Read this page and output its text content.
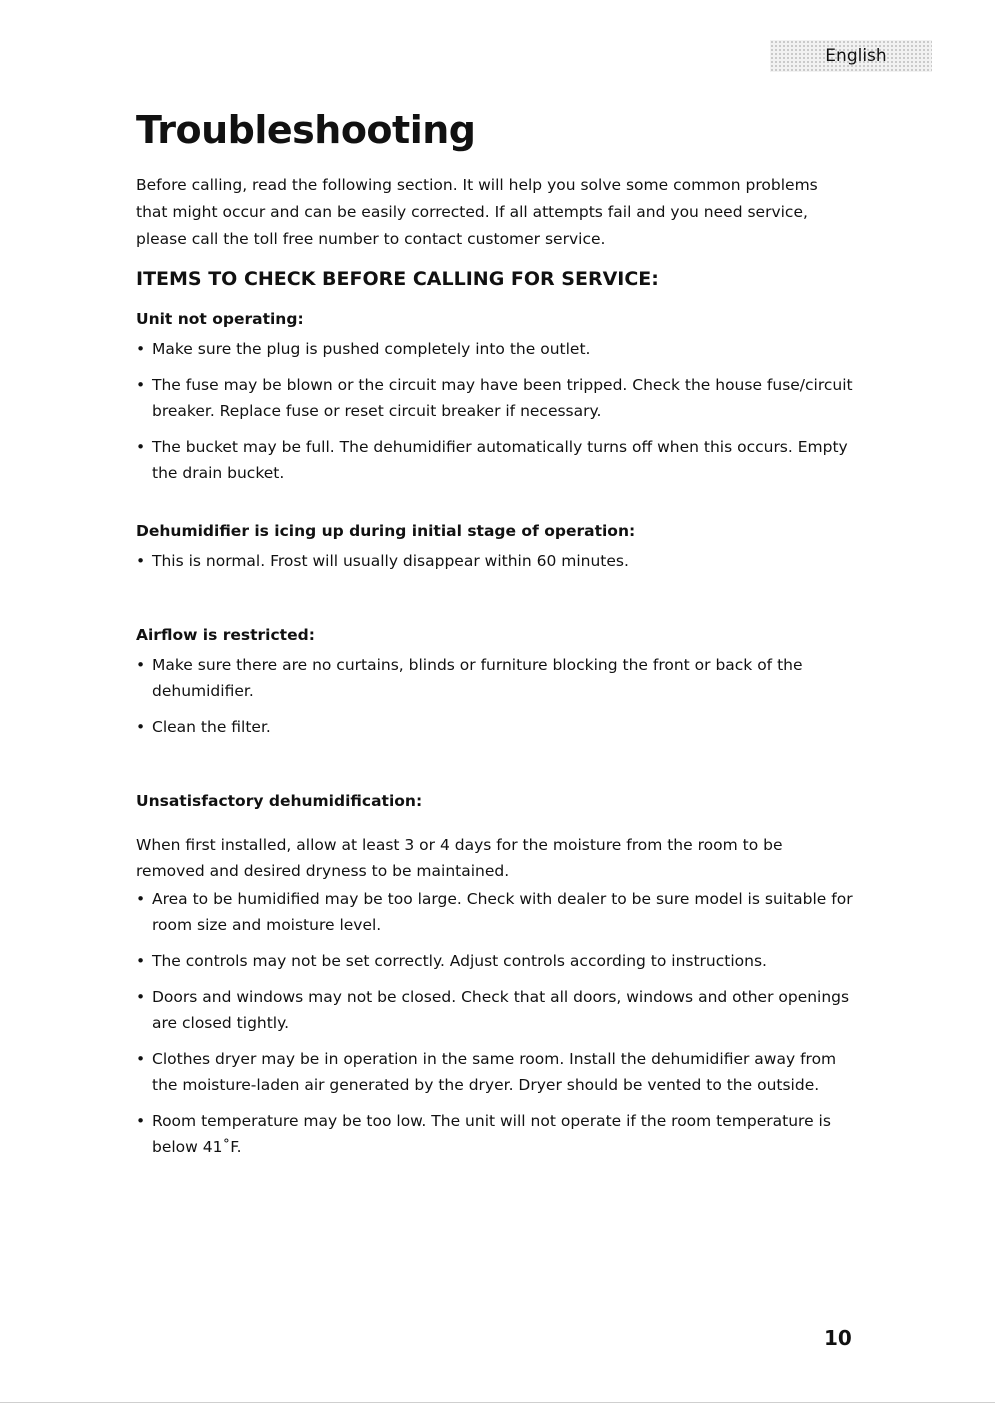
English
Troubleshooting

Before calling, read the following section. It will help you solve some common problems that might occur and can be easily corrected. If all attempts fail and you need service, please call the toll free number to contact customer service.

ITEMS TO CHECK BEFORE CALLING FOR SERVICE:
Unit not operating:
• Make sure the plug is pushed completely into the outlet.
• The fuse may be blown or the circuit may have been tripped. Check the house fuse/circuit breaker. Replace fuse or reset circuit breaker if necessary.
• The bucket may be full. The dehumidifier automatically turns off when this occurs. Empty the drain bucket.
Dehumidifier is icing up during initial stage of operation:
• This is normal. Frost will usually disappear within 60 minutes.
Airflow is restricted:
• Make sure there are no curtains, blinds or furniture blocking the front or back of the dehumidifier.
• Clean the filter.
Unsatisfactory dehumidification:
When first installed, allow at least 3 or 4 days for the moisture from the room to be removed and desired dryness to be maintained.
• Area to be humidified may be too large. Check with dealer to be sure model is suitable for room size and moisture level.
• The controls may not be set correctly. Adjust controls according to instructions.
• Doors and windows may not be closed. Check that all doors, windows and other openings are closed tightly.
• Clothes dryer may be in operation in the same room. Install the dehumidifier away from the moisture-laden air generated by the dryer. Dryer should be vented to the outside.
• Room temperature may be too low. The unit will not operate if the room temperature is below 41˚F.
10
